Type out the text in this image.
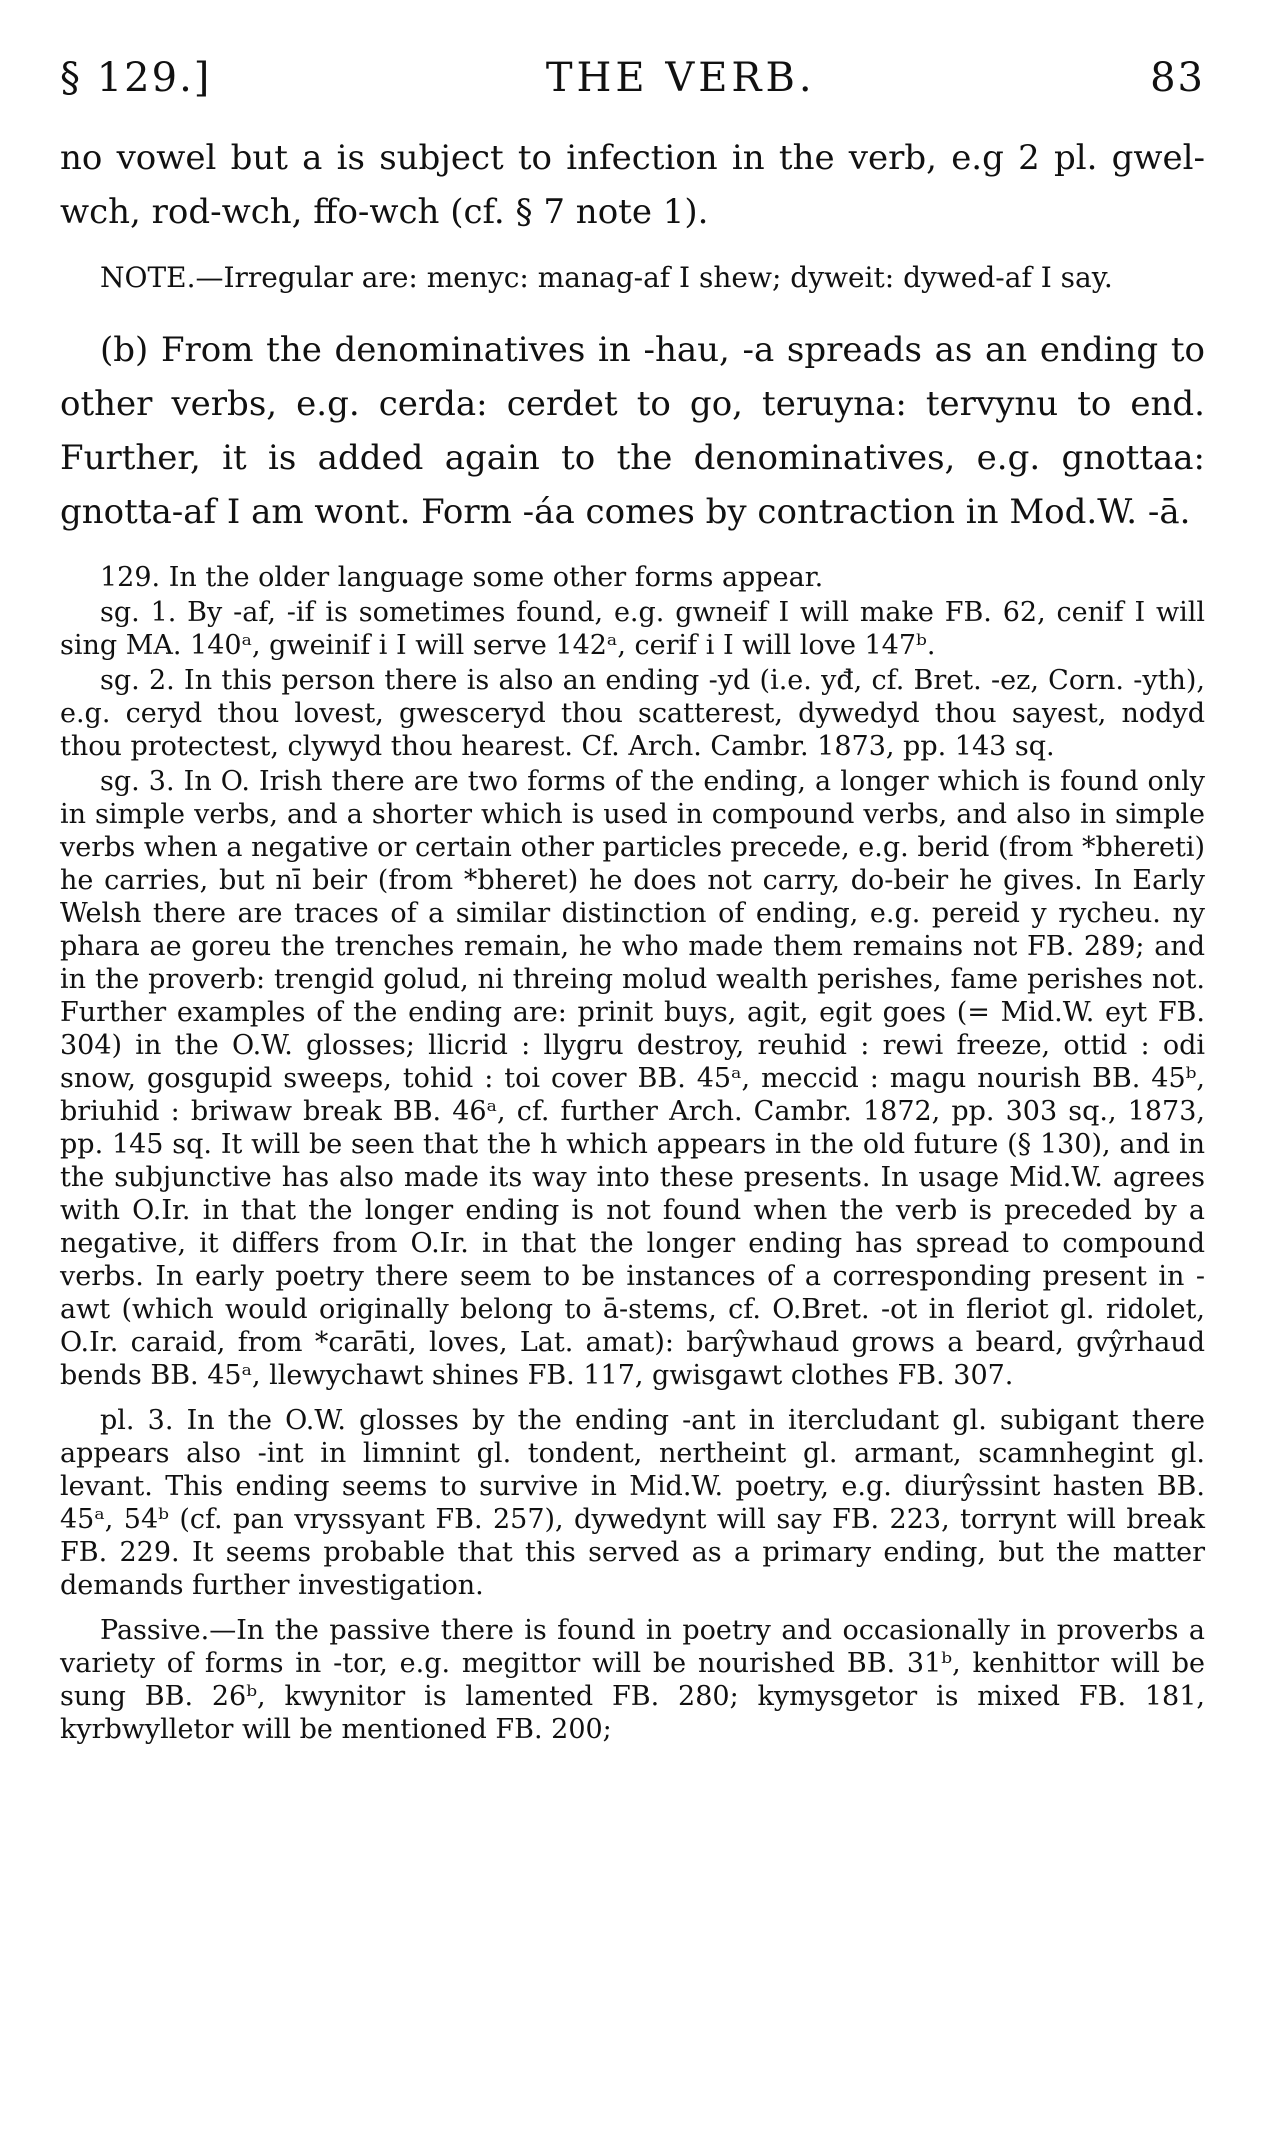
§ 129.]	THE VERB.	83

no vowel but a is subject to infection in the verb, e.g 2 pl. gwel-wch, rod-wch, ffo-wch (cf. § 7 note 1).

NOTE.—Irregular are: menyc: manag-af I shew; dyweit: dywed-af I say.

(b) From the denominatives in -hau, -a spreads as an ending to other verbs, e.g. cerda: cerdet to go, teruyna: tervynu to end. Further, it is added again to the denominatives, e.g. gnottaa: gnotta-af I am wont. Form -áa comes by contraction in Mod.W. -ā.

129. In the older language some other forms appear.

sg. 1. By -af, -if is sometimes found, e.g. gwneif I will make FB. 62, cenif I will sing MA. 140ᵃ, gweinif i I will serve 142ᵃ, cerif i I will love 147ᵇ.

sg. 2. In this person there is also an ending -yd (i.e. yđ, cf. Bret. -ez, Corn. -yth), e.g. ceryd thou lovest, gwesceryd thou scatterest, dywedyd thou sayest, nodyd thou protectest, clywyd thou hearest. Cf. Arch. Cambr. 1873, pp. 143 sq.

sg. 3. In O. Irish there are two forms of the ending, a longer which is found only in simple verbs, and a shorter which is used in compound verbs, and also in simple verbs when a negative or certain other particles precede, e.g. berid (from *bhereti) he carries, but nī beir (from *bheret) he does not carry, do-beir he gives. In Early Welsh there are traces of a similar distinction of ending, e.g. pereid y rycheu. ny phara ae goreu the trenches remain, he who made them remains not FB. 289; and in the proverb: trengid golud, ni threing molud wealth perishes, fame perishes not. Further examples of the ending are: prinit buys, agit, egit goes (= Mid.W. eyt FB. 304) in the O.W. glosses; llicrid : llygru destroy, reuhid : rewi freeze, ottid : odi snow, gosgupid sweeps, tohid : toi cover BB. 45ᵃ, meccid : magu nourish BB. 45ᵇ, briuhid : briwaw break BB. 46ᵃ, cf. further Arch. Cambr. 1872, pp. 303 sq., 1873, pp. 145 sq. It will be seen that the h which appears in the old future (§ 130), and in the subjunctive has also made its way into these presents. In usage Mid.W. agrees with O.Ir. in that the longer ending is not found when the verb is preceded by a negative, it differs from O.Ir. in that the longer ending has spread to compound verbs. In early poetry there seem to be instances of a corresponding present in -awt (which would originally belong to ā-stems, cf. O.Bret. -ot in fleriot gl. ridolet, O.Ir. caraid, from *carāti, loves, Lat. amat): barŷwhaud grows a beard, gvŷrhaud bends BB. 45ᵃ, llewychawt shines FB. 117, gwisgawt clothes FB. 307.

pl. 3. In the O.W. glosses by the ending -ant in itercludant gl. subigant there appears also -int in limnint gl. tondent, nertheint gl. armant, scamnhegint gl. levant. This ending seems to survive in Mid.W. poetry, e.g. diurŷssint hasten BB. 45ᵃ, 54ᵇ (cf. pan vryssyant FB. 257), dywedynt will say FB. 223, torrynt will break FB. 229. It seems probable that this served as a primary ending, but the matter demands further investigation.

Passive.—In the passive there is found in poetry and occasionally in proverbs a variety of forms in -tor, e.g. megittor will be nourished BB. 31ᵇ, kenhittor will be sung BB. 26ᵇ, kwynitor is lamented FB. 280; kymysgetor is mixed FB. 181, kyrbwylletor will be mentioned FB. 200;
